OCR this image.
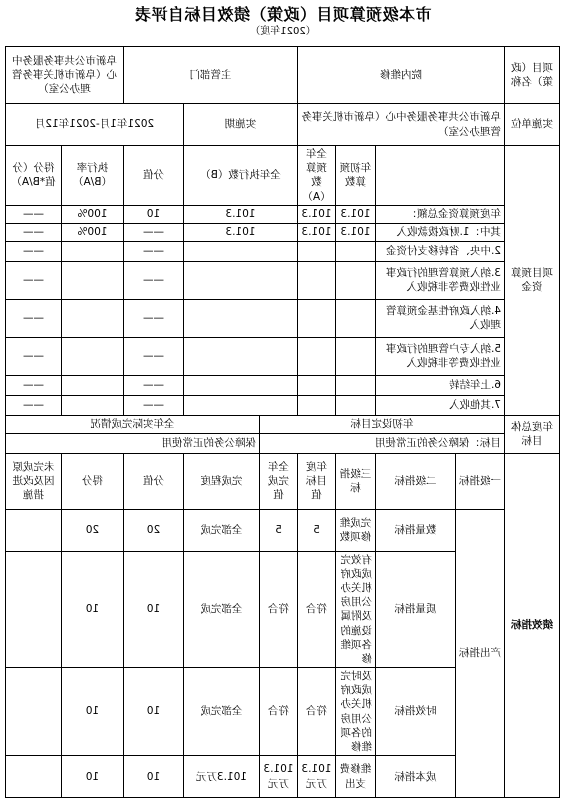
市本级预算项目（政策）绩效目标自评表
（2021年度）
项目（政策）名称	院内维修				主管部门			阜新市公共事务服务中心（阜新市机关事务管理办公室）	
实施单位	阜新市公共事务服务中心（阜新市机关事务管理办公室）				实施期		2021年1月-2021年12月		
项目预算资金			年初预算数	全年预算数（A）	全年执行数（B）		分值	执行率（B/A）	得分（分值*B/A）
	年度预算资金总额：		101.3	101.3	101.3		10	100%	——
	其中：1.财政拨款收入		101.3	101.3	101.3		——	100%	——
	2.中央、省转移支付资金						——		——
	3.纳入预算管理的行政事业性收费等非税收入						——		——
	4.纳入政府性基金预算管理收入						——		——
	5.纳入专户管理的行政事业性收费等非税收入						——		——
	6.上年结转						——		——
	7.其他收入						——		——
年度总体目标	年初设定目标					全年实际完成情况			
	目标：保障公务的正常使用					保障公务的正常使用			
绩效指标	一级指标	二级指标	三级指标	年度目标值	全年完成值	完成程度	分值	得分	未完成原因及改进措施
	产出指标	数量指标	完成维修项数	5	5	全部完成	20	20	
		质量指标	有效完成政府机关办公用房及附属设施的各项维修	符合	符合	全部完成	10	10	
		时效指标	及时完成政府机关办公用房的各项维修	符合	符合	全部完成	10	10	
		成本指标	维修费支出	101.3万元	101.3万元	101.3万元	10	10	
